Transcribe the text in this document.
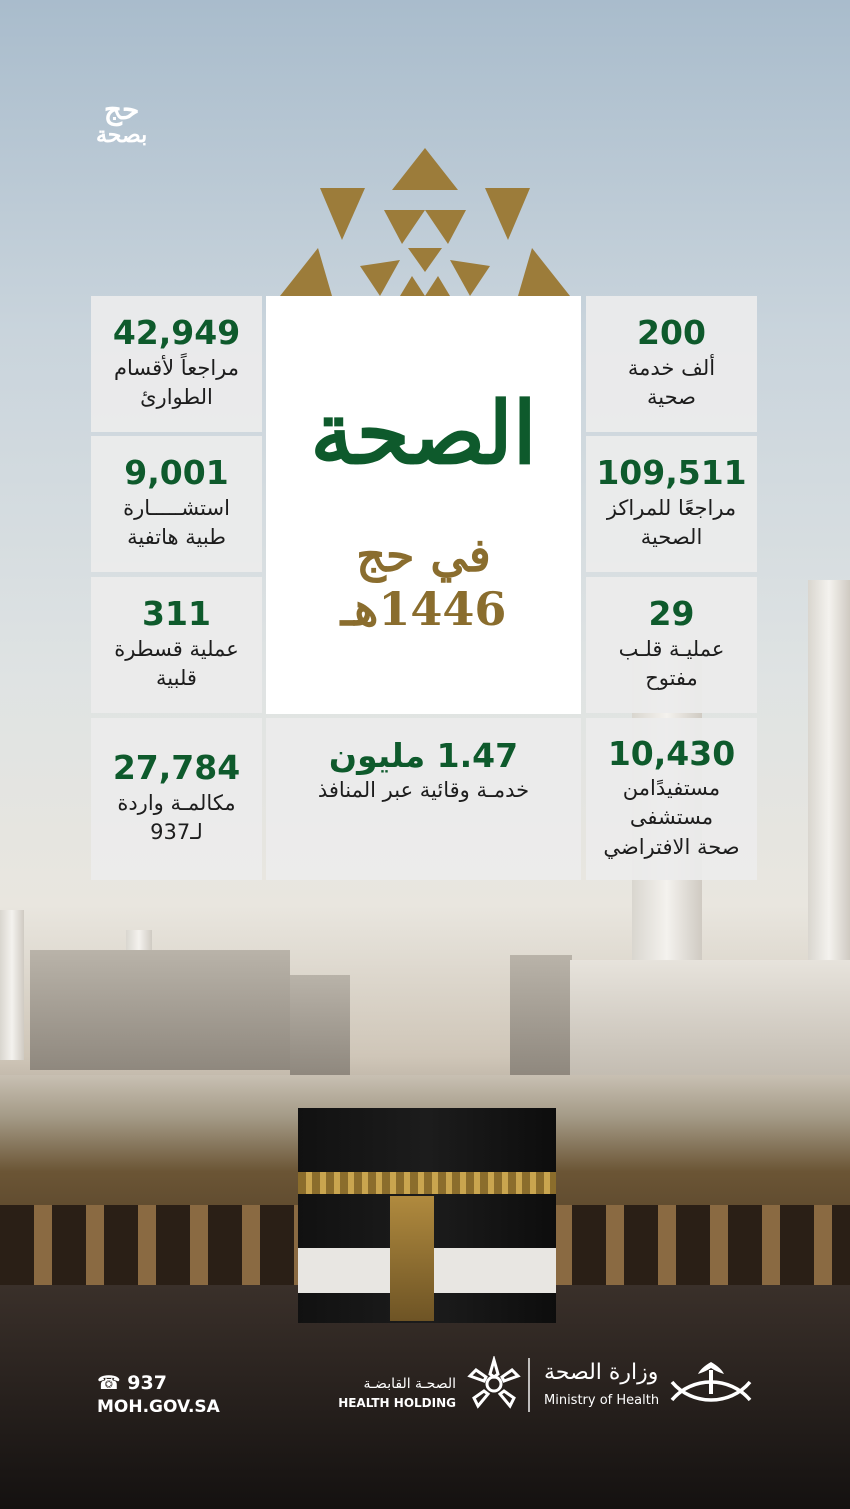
حج
بصحة
42,949
مراجعاً لأقسام
الطوارئ
200
ألف خدمة
صحية
9,001
استشـــــارة
طبية هاتفية
109,511
مراجعًا للمراكز
الصحية
311
عملية قسطرة
قلبية
29
عمليـة قلـب
مفتوح
27,784
مكالمـة واردة
لـ937
1.47 مليون
خدمـة وقائية عبر المنافذ
10,430
مستفيدًامن
مستشفى
صحة الافتراضي
الصحة
في حج 1446هـ
☎ 937
MOH.GOV.SA
الصحـة القابضـة
HEALTH HOLDING
وزارة الصحة
Ministry of Health
